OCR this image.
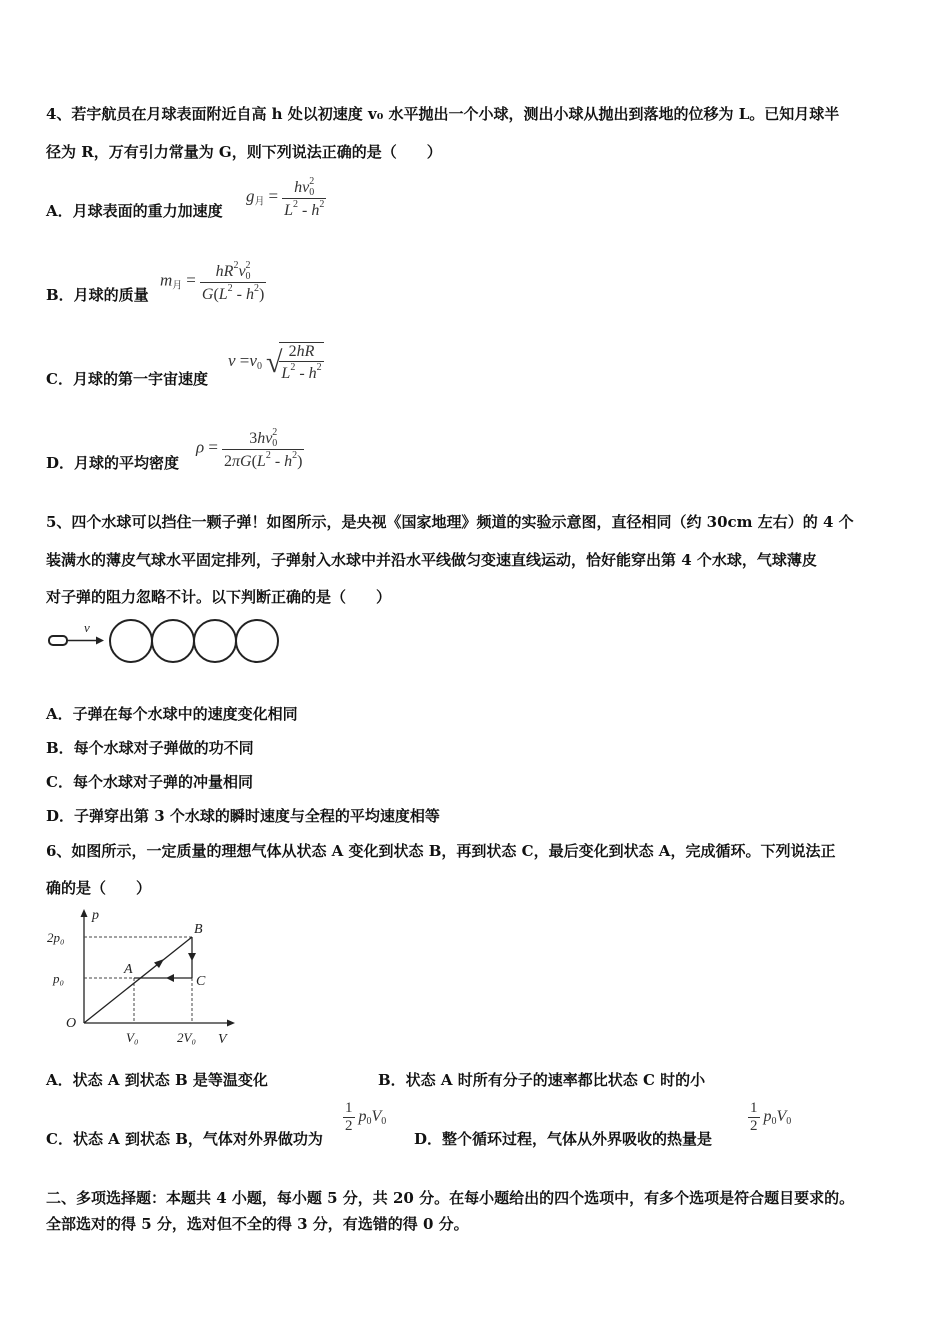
4、若宇航员在月球表面附近自高 h 处以初速度 v₀ 水平抛出一个小球，测出小球从抛出到落地的位移为 L。已知月球半
径为 R，万有引力常量为 G，则下列说法正确的是（　　）
A．月球表面的重力加速度
$g_月 = \frac{hv_0^2}{L^2 - h^2}$
B．月球的质量
$m_月 = \frac{hR^2v_0^2}{G(L^2 - h^2)}$
C．月球的第一宇宙速度
$v =v_0$ √
$\frac{2hR}{L^2 - h^2}$
D．月球的平均密度
$\rho = \frac{3hv_0^2}{2\pi G(L^2 - h^2)}$
5、四个水球可以挡住一颗子弹！如图所示，是央视《国家地理》频道的实验示意图，直径相同（约 30cm 左右）的 4 个
装满水的薄皮气球水平固定排列，子弹射入水球中并沿水平线做匀变速直线运动，恰好能穿出第 4 个水球，气球薄皮
对子弹的阻力忽略不计。以下判断正确的是（　　）
v
A．子弹在每个水球中的速度变化相同
B．每个水球对子弹做的功不同
C．每个水球对子弹的冲量相同
D．子弹穿出第 3 个水球的瞬时速度与全程的平均速度相等
6、如图所示，一定质量的理想气体从状态 A 变化到状态 B，再到状态 C，最后变化到状态 A，完成循环。下列说法正
确的是（　　）
p
V
O
2p₀
p₀
V₀	2V₀
A
B
C
A．状态 A 到状态 B 是等温变化	B．状态 A 时所有分子的速率都比状态 C 时的小
C．状态 A 到状态 B，气体对外界做功为
$\frac{1}{2} p_0V_0$
D．整个循环过程，气体从外界吸收的热量是
$\frac{1}{2} p_0V_0$
二、多项选择题：本题共 4 小题，每小题 5 分，共 20 分。在每小题给出的四个选项中，有多个选项是符合题目要求的。
全部选对的得 5 分，选对但不全的得 3 分，有选错的得 0 分。
